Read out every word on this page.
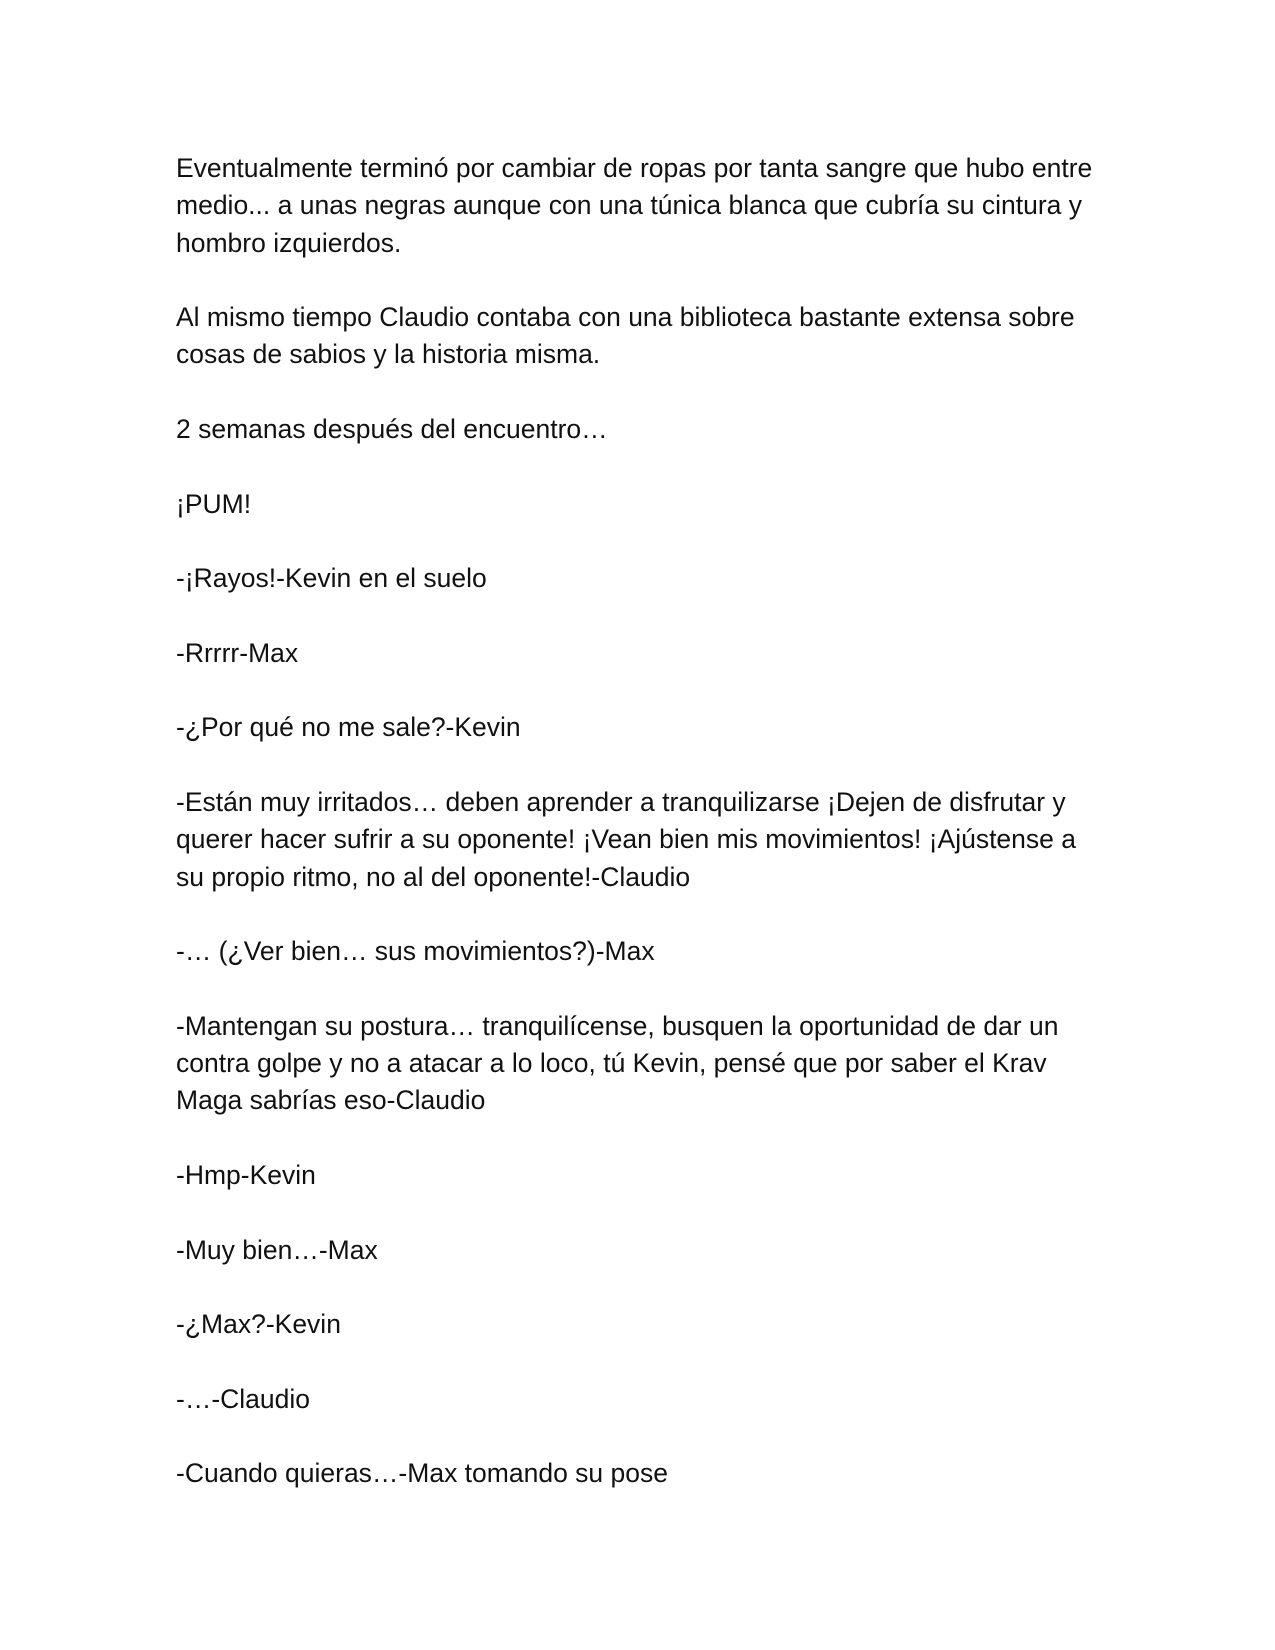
Eventualmente terminó por cambiar de ropas por tanta sangre que hubo entre medio... a unas negras aunque con una túnica blanca que cubría su cintura y hombro izquierdos.

Al mismo tiempo Claudio contaba con una biblioteca bastante extensa sobre cosas de sabios y la historia misma.

2 semanas después del encuentro…

¡PUM!

-¡Rayos!-Kevin en el suelo

-Rrrrr-Max

-¿Por qué no me sale?-Kevin

-Están muy irritados… deben aprender a tranquilizarse ¡Dejen de disfrutar y querer hacer sufrir a su oponente! ¡Vean bien mis movimientos! ¡Ajústense a su propio ritmo, no al del oponente!-Claudio

-… (¿Ver bien… sus movimientos?)-Max

-Mantengan su postura… tranquilícense, busquen la oportunidad de dar un contra golpe y no a atacar a lo loco, tú Kevin, pensé que por saber el Krav Maga sabrías eso-Claudio

-Hmp-Kevin

-Muy bien…-Max

-¿Max?-Kevin

-…-Claudio

-Cuando quieras…-Max tomando su pose
